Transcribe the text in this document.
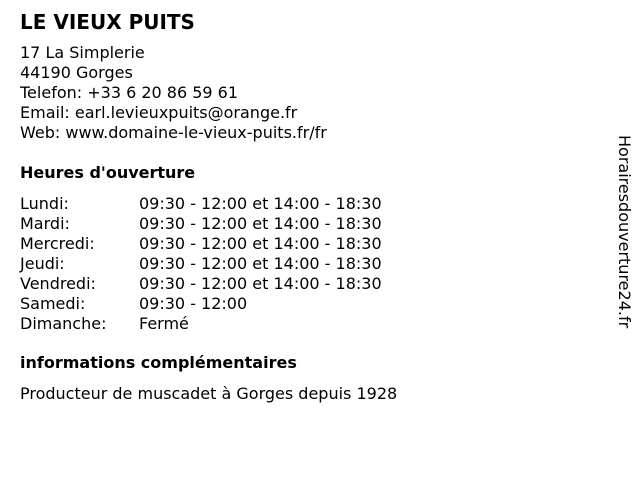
LE VIEUX PUITS
17 La Simplerie
44190 Gorges
Telefon: +33 6 20 86 59 61
Email: earl.levieuxpuits@orange.fr
Web: www.domaine-le-vieux-puits.fr/fr
Heures d'ouverture
Lundi:	09:30 - 12:00 et 14:00 - 18:30
Mardi:	09:30 - 12:00 et 14:00 - 18:30
Mercredi:	09:30 - 12:00 et 14:00 - 18:30
Jeudi:	09:30 - 12:00 et 14:00 - 18:30
Vendredi:	09:30 - 12:00 et 14:00 - 18:30
Samedi:	09:30 - 12:00
Dimanche: Fermé
informations complémentaires
Producteur de muscadet à Gorges depuis 1928
Horairesdouverture24.fr
